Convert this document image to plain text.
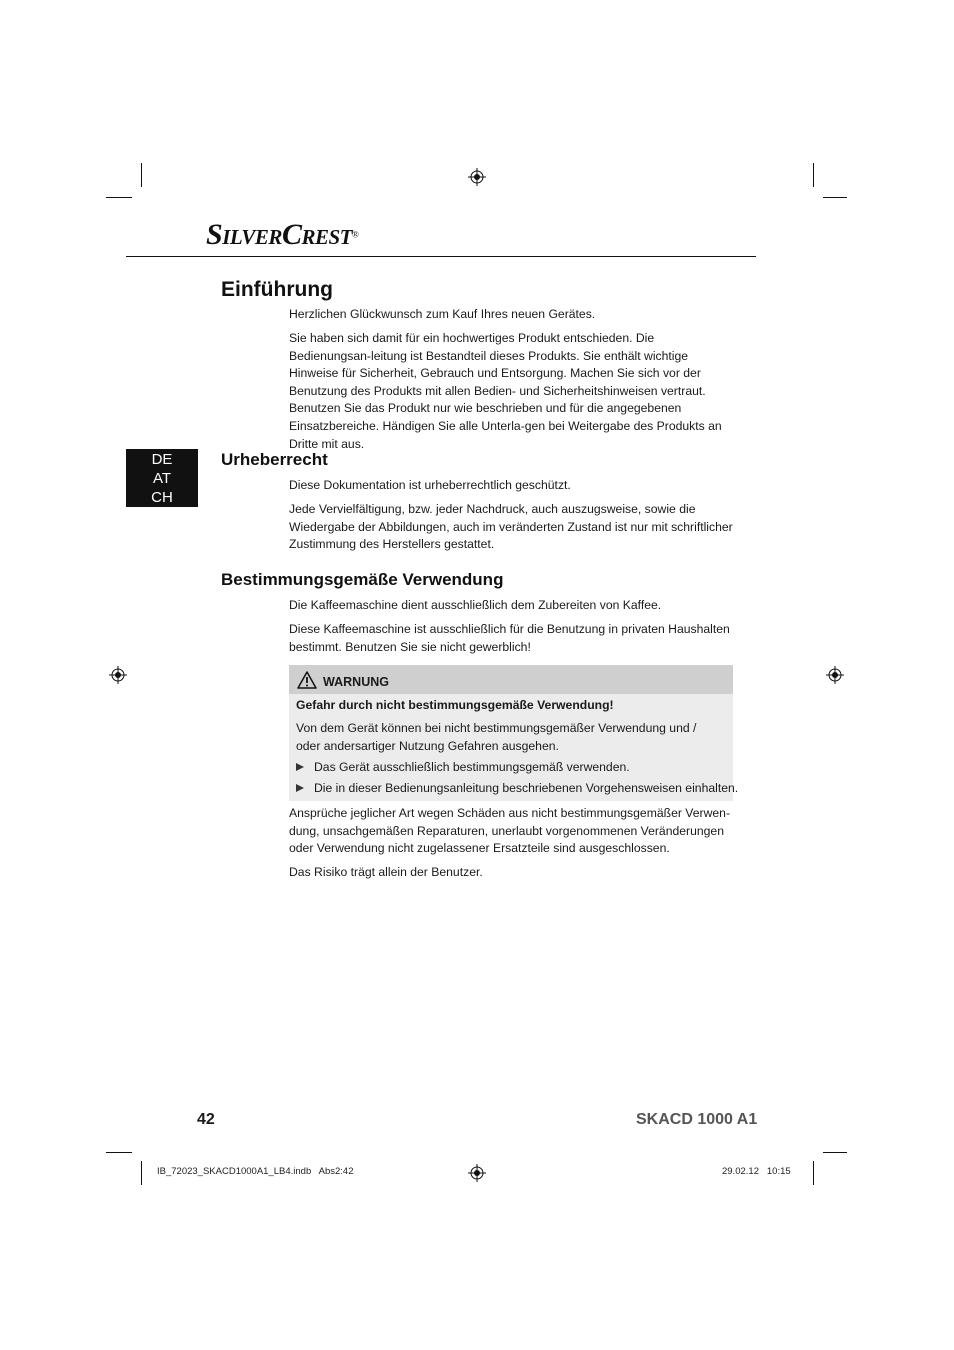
SILVERCREST®
Einführung

Herzlichen Glückwunsch zum Kauf Ihres neuen Gerätes.

Sie haben sich damit für ein hochwertiges Produkt entschieden. Die Bedienungsan-leitung ist Bestandteil dieses Produkts. Sie enthält wichtige Hinweise für Sicherheit, Gebrauch und Entsorgung. Machen Sie sich vor der Benutzung des Produkts mit allen Bedien- und Sicherheitshinweisen vertraut. Benutzen Sie das Produkt nur wie beschrieben und für die angegebenen Einsatzbereiche. Händigen Sie alle Unterla-gen bei Weitergabe des Produkts an Dritte mit aus.

DE
AT
CH
Urheberrecht

Diese Dokumentation ist urheberrechtlich geschützt.

Jede Vervielfältigung, bzw. jeder Nachdruck, auch auszugsweise, sowie die Wiedergabe der Abbildungen, auch im veränderten Zustand ist nur mit schriftlicher Zustimmung des Herstellers gestattet.

Bestimmungsgemäße Verwendung

Die Kaffeemaschine dient ausschließlich dem Zubereiten von Kaffee.

Diese Kaffeemaschine ist ausschließlich für die Benutzung in privaten Haushalten bestimmt. Benutzen Sie sie nicht gewerblich!

WARNUNG
Gefahr durch nicht bestimmungsgemäße Verwendung!

Von dem Gerät können bei nicht bestimmungsgemäßer Verwendung und / oder andersartiger Nutzung Gefahren ausgehen.

Das Gerät ausschließlich bestimmungsgemäß verwenden.
Die in dieser Bedienungsanleitung beschriebenen Vorgehensweisen einhalten.

Ansprüche jeglicher Art wegen Schäden aus nicht bestimmungsgemäßer Verwen-dung, unsachgemäßen Reparaturen, unerlaubt vorgenommenen Veränderungen oder Verwendung nicht zugelassener Ersatzteile sind ausgeschlossen.

Das Risiko trägt allein der Benutzer.

42	SKACD 1000 A1
IB_72023_SKACD1000A1_LB4.indb   Abs2:42	29.02.12   10:15
